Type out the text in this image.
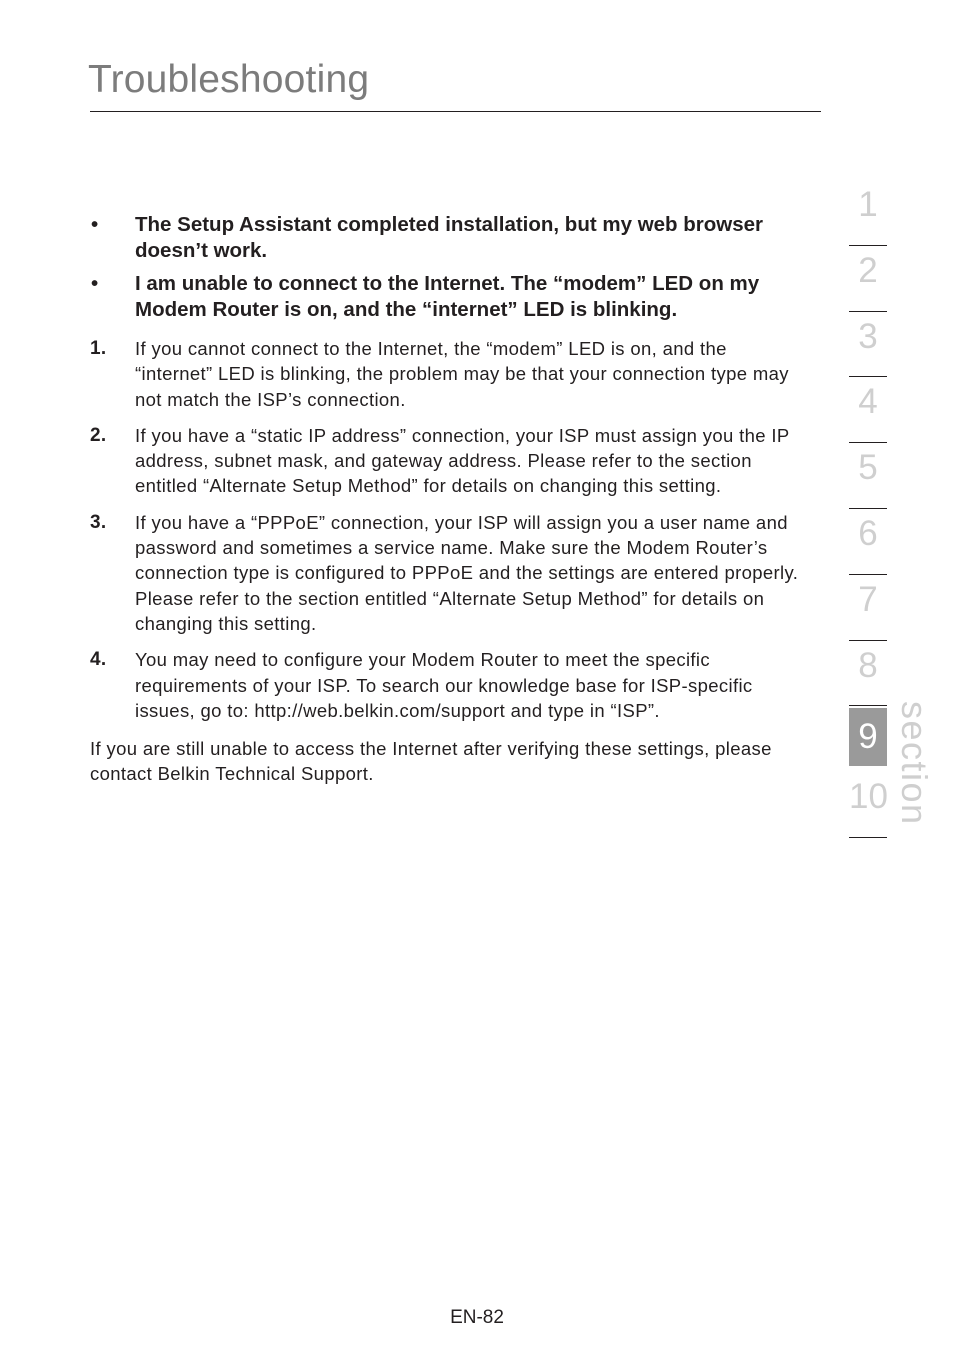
Troubleshooting
• The Setup Assistant completed installation, but my web browser doesn’t work.
• I am unable to connect to the Internet. The “modem” LED on my Modem Router is on, and the “internet” LED is blinking.
1. If you cannot connect to the Internet, the “modem” LED is on, and the “internet” LED is blinking, the problem may be that your connection type may not match the ISP’s connection.
2. If you have a “static IP address” connection, your ISP must assign you the IP address, subnet mask, and gateway address. Please refer to the section entitled “Alternate Setup Method” for details on changing this setting.
3. If you have a “PPPoE” connection, your ISP will assign you a user name and password and sometimes a service name. Make sure the Modem Router’s connection type is configured to PPPoE and the settings are entered properly. Please refer to the section entitled “Alternate Setup Method” for details on changing this setting.
4. You may need to configure your Modem Router to meet the specific requirements of your ISP. To search our knowledge base for ISP-specific issues, go to: http://web.belkin.com/support and type in “ISP”.
If you are still unable to access the Internet after verifying these settings, please contact Belkin Technical Support.
1
2
3
4
5
6
7
8
9
10 section
EN-82
